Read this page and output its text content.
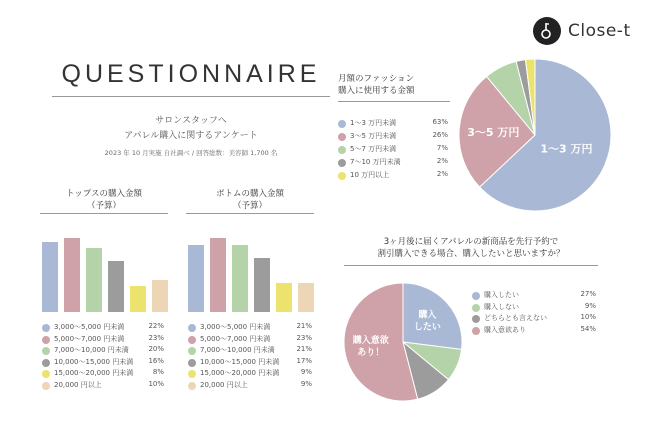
Close-t
QUESTIONNAIRE
サロンスタッフへ
アパレル購入に関するアンケート
2023 年 10 月実施 自社調べ / 回答総数：美容師 1,700 名
トップスの購入金額
（予算）
3,000〜5,000 円未満	22%
5,000〜7,000 円未満	23%
7,000〜10,000 円未満	20%
10,000〜15,000 円未満 16%
15,000〜20,000 円未満	8%
20,000 円以上	10%
ボトムの購入金額
（予算）
3,000〜5,000 円未満	21%
5,000〜7,000 円未満	23%
7,000〜10,000 円未満	21%
10,000〜15,000 円未満 17%
15,000〜20,000 円未満	9%
20,000 円以上	9%
月額のファッション
購入に使用する金額
1〜3 万円未満	63%
3〜5 万円未満	26%
5〜7 万円未満	7%
7〜10 万円未満	2%
10 万円以上	2%
1〜3 万円
3〜5 万円
3ヶ月後に届くアパレルの新商品を先行予約で
割引購入できる場合、購入したいと思いますか？
購入
したい
購入意欲
あり！
購入したい	27%
購入しない	9%
どちらとも言えない	10%
購入意欲あり	54%
